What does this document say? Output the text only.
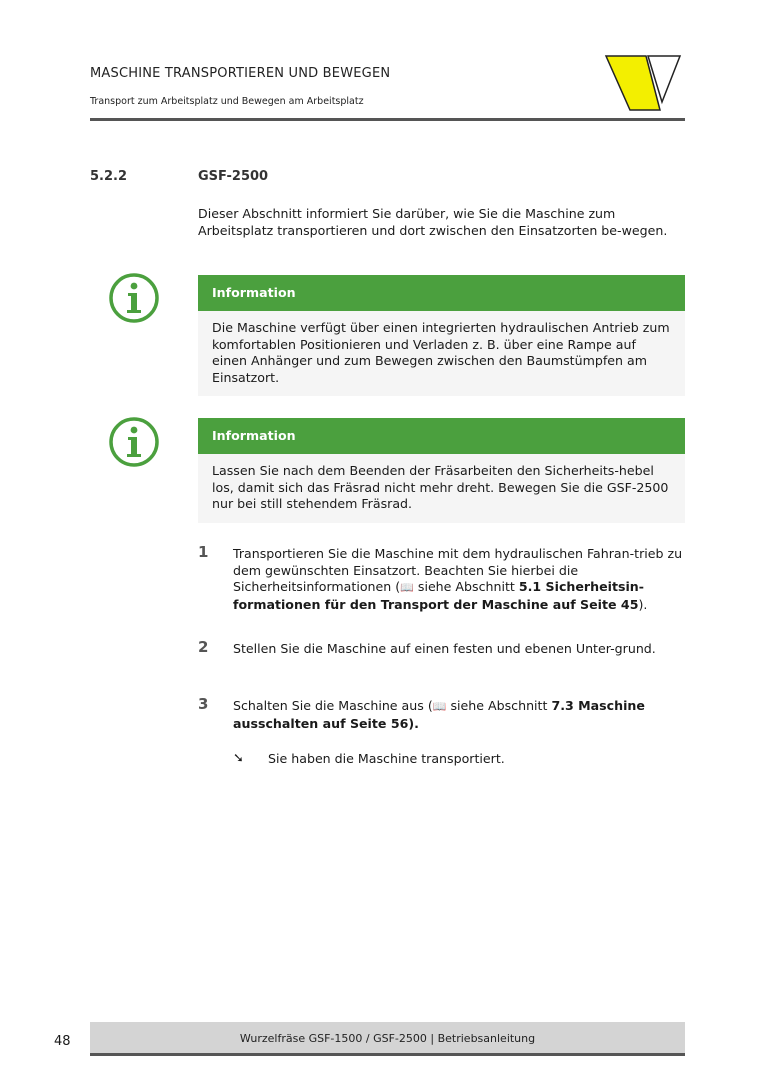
MASCHINE TRANSPORTIEREN UND BEWEGEN
Transport zum Arbeitsplatz und Bewegen am Arbeitsplatz
5.2.2	GSF-2500
Dieser Abschnitt informiert Sie darüber, wie Sie die Maschine zum Arbeitsplatz transportieren und dort zwischen den Einsatzorten be-wegen.
Information
Die Maschine verfügt über einen integrierten hydraulischen Antrieb zum komfortablen Positionieren und Verladen z. B. über eine Rampe auf einen Anhänger und zum Bewegen zwischen den Baumstümpfen am Einsatzort.
Information
Lassen Sie nach dem Beenden der Fräsarbeiten den Sicherheits-hebel los, damit sich das Fräsrad nicht mehr dreht. Bewegen Sie die GSF-2500 nur bei still stehendem Fräsrad.
1	Transportieren Sie die Maschine mit dem hydraulischen Fahran-trieb zu dem gewünschten Einsatzort. Beachten Sie hierbei die Sicherheitsinformationen (📖 siehe Abschnitt 5.1 Sicherheitsin-formationen für den Transport der Maschine auf Seite 45).
2	Stellen Sie die Maschine auf einen festen und ebenen Unter-grund.
3	Schalten Sie die Maschine aus (📖 siehe Abschnitt 7.3 Maschine ausschalten auf Seite 56).
➘ Sie haben die Maschine transportiert.
48	Wurzelfräse GSF-1500 / GSF-2500 | Betriebsanleitung
